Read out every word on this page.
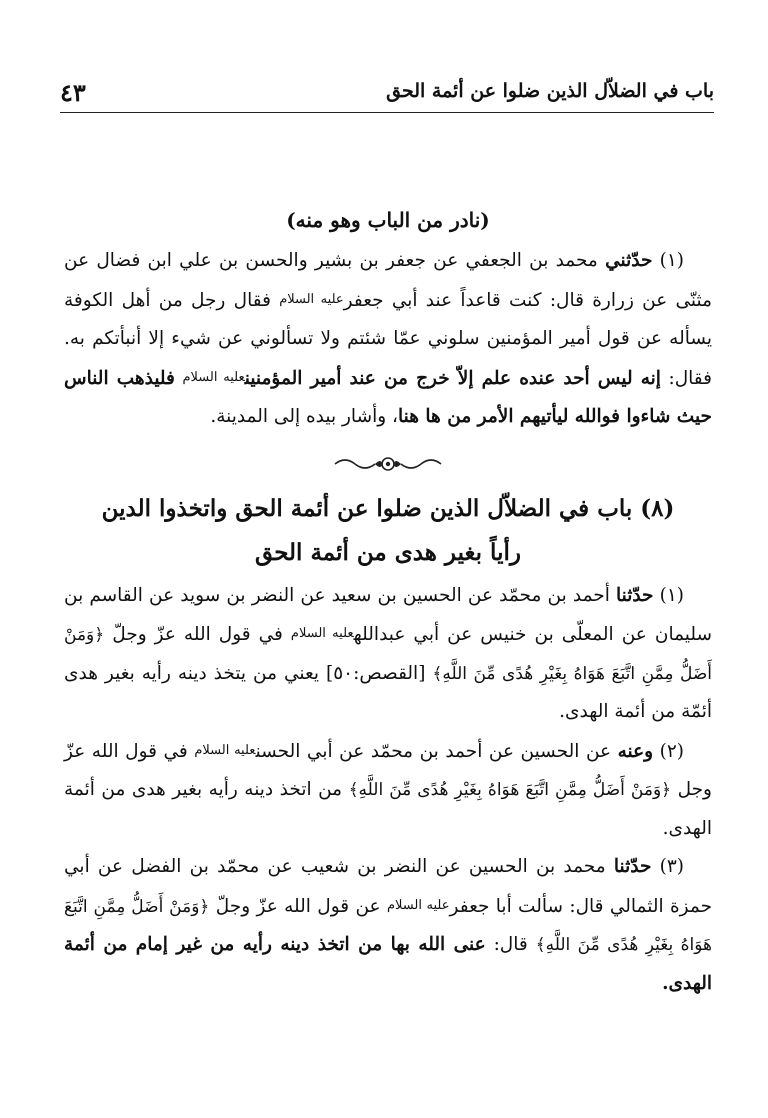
باب في الضلاّل الذين ضلوا عن أئمة الحق
٤٣
(نادر من الباب وهو منه)

(١) حدّثني محمد بن الجعفي عن جعفر بن بشير والحسن بن علي ابن فضال عن مثنّى عن زرارة قال: كنت قاعداً عند أبي جعفرعليه السلام فقال رجل من أهل الكوفة يسأله عن قول أمير المؤمنين سلوني عمّا شئتم ولا تسألوني عن شيء إلا أنبأتكم به. فقال: إنه ليس أحد عنده علم إلاّ خرج من عند أمير المؤمنينعليه السلام فليذهب الناس حيث شاءوا فوالله ليأتيهم الأمر من ها هنا، وأشار بيده إلى المدينة.

(٨) باب في الضلاّل الذين ضلوا عن أئمة الحق واتخذوا الدين
رأياً بغير هدى من أئمة الحق

(١) حدّثنا أحمد بن محمّد عن الحسين بن سعيد عن النضر بن سويد عن القاسم بن سليمان عن المعلّى بن خنيس عن أبي عبداللهعليه السلام في قول الله عزّ وجلّ ﴿وَمَنْ أَضَلُّ مِمَّنِ اتَّبَعَ هَوَاهُ بِغَيْرِ هُدًى مِّنَ اللَّهِ﴾ [القصص:٥٠] يعني من يتخذ دينه رأيه بغير هدى أئمّة من أئمة الهدى.

(٢) وعنه عن الحسين عن أحمد بن محمّد عن أبي الحسنعليه السلام في قول الله عزّ وجل ﴿وَمَنْ أَضَلُّ مِمَّنِ اتَّبَعَ هَوَاهُ بِغَيْرِ هُدًى مِّنَ اللَّهِ﴾ من اتخذ دينه رأيه بغير هدى من أئمة الهدى.

(٣) حدّثنا محمد بن الحسين عن النضر بن شعيب عن محمّد بن الفضل عن أبي حمزة الثمالي قال: سألت أبا جعفرعليه السلام عن قول الله عزّ وجلّ ﴿وَمَنْ أَضَلُّ مِمَّنِ اتَّبَعَ هَوَاهُ بِغَيْرِ هُدًى مِّنَ اللَّهِ﴾ قال: عنى الله بها من اتخذ دينه رأيه من غير إمام من أئمة الهدى.
